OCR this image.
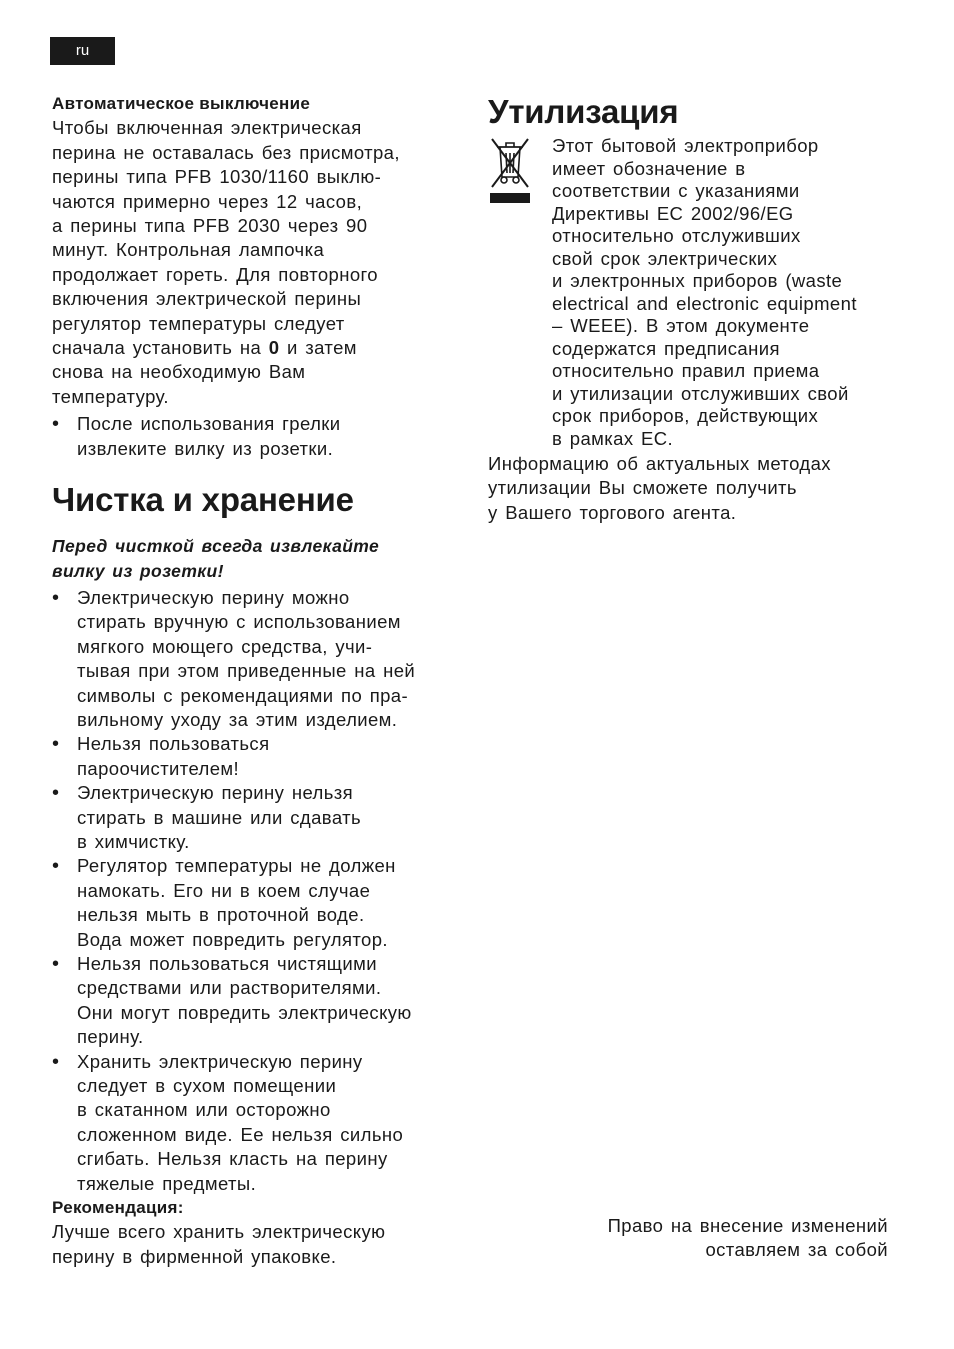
ru
Автоматическое выключение
Чтобы включенная электрическая
перина не оставалась без присмотра,
перины типа PFB 1030/1160 выклю-
чаются примерно через 12 часов,
а перины типа PFB 2030 через 90
минут. Контрольная лампочка
продолжает гореть. Для повторного
включения электрической перины
регулятор температуры следует
сначала установить на 0 и затем
снова на необходимую Вам
температуру.
• После использования грелки
извлеките вилку из розетки.
Чистка и хранение
Перед чисткой всегда извлекайте
вилку из розетки!
• Электрическую перину можно
стирать вручную с использованием
мягкого моющего средства, учи-
тывая при этом приведенные на ней
символы с рекомендациями по пра-
вильному уходу за этим изделием.
• Нельзя пользоваться
пароочистителем!
• Электрическую перину нельзя
стирать в машине или сдавать
в химчистку.
• Регулятор температуры не должен
намокать. Его ни в коем случае
нельзя мыть в проточной воде.
Вода может повредить регулятор.
• Нельзя пользоваться чистящими
средствами или растворителями.
Они могут повредить электрическую
перину.
• Хранить электрическую перину
следует в сухом помещении
в скатанном или осторожно
сложенном виде. Ее нельзя сильно
сгибать. Нельзя класть на перину
тяжелые предметы.
Рекомендация:
Лучше всего хранить электрическую
перину в фирменной упаковке.
Утилизация
Этот бытовой электроприбор
имеет обозначение в
соответствии с указаниями
Директивы ЕС 2002/96/EG
относительно отслуживших
свой срок электрических
и электронных приборов (waste
electrical and electronic equipment
– WEEE). В этом документе
содержатся предписания
относительно правил приема
и утилизации отслуживших свой
срок приборов, действующих
в рамках ЕС.
Информацию об актуальных методах
утилизации Вы сможете получить
у Вашего торгового агента.
Право на внесение изменений
оставляем за собой
